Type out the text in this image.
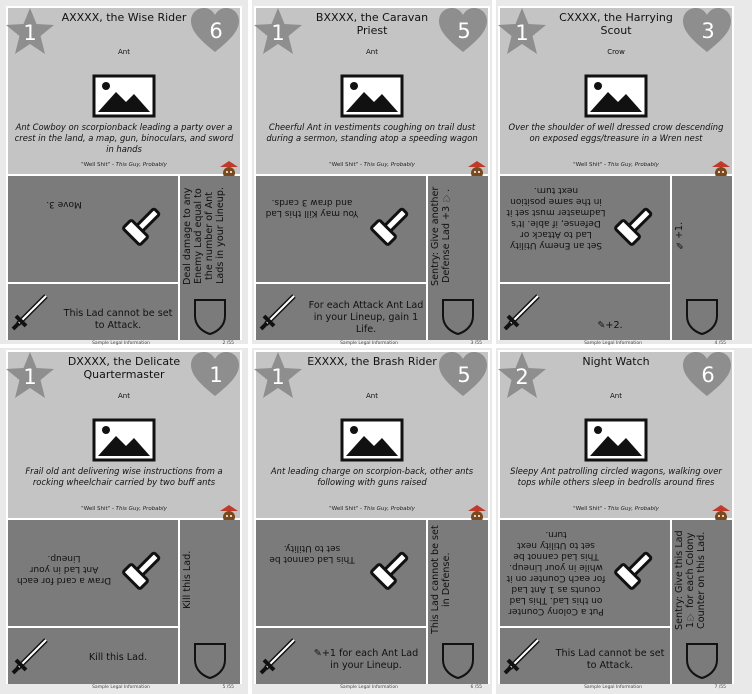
1	6
AXXXX, the Wise Rider
Ant
Ant Cowboy on scorpionback leading a party over a crest in the land, a map, gun, binoculars, and sword in hands
"Well Shit" - This Guy, Probably
Move 3.
This Lad cannot be set to Attack.
Deal damage to any Enemy Lad equal to the number of Ant Lads in your Lineup.
Sample Legal Information	2 /55
1	5
BXXXX, the Caravan Priest
Ant
Cheerful Ant in vestiments coughing on trail dust during a sermon, standing atop a speeding wagon
"Well Shit" - This Guy, Probably
You may Kill this Lad and draw 3 cards.
For each Attack Ant Lad in your Lineup, gain 1 Life.
Sentry: Give another Defense Lad +3 ♡.
Sample Legal Information	3 /55
1	3
CXXXX, the Harrying Scout
Crow
Over the shoulder of well dressed crow descending on exposed eggs/treasure in a Wren nest
"Well Shit" - This Guy, Probably
Set an Enemy Utility Lad to Attack or Defense, if able. It's Ladmaster must set it in the same position next turn.
✎+2.
✎+1.
Sample Legal Information	4 /55
1	1
DXXXX, the Delicate Quartermaster
Ant
Frail old ant delivering wise instructions from a rocking wheelchair carried by two buff ants
"Well Shit" - This Guy, Probably
Draw a card for each Ant Lad in your Lineup.
Kill this Lad.
Kill this Lad.
Sample Legal Information	5 /55
1	5
EXXXX, the Brash Rider
Ant
Ant leading charge on scorpion-back, other ants following with guns raised
"Well Shit" - This Guy, Probably
This Lad cannot be set to Utility.
✎+1 for each Ant Lad in your Lineup.
This Lad cannot be set in Defense.
Sample Legal Information	6 /55
2	6
Night Watch
Ant
Sleepy Ant patrolling circled wagons, walking over tops while others sleep in bedrolls around fires
"Well Shit" - This Guy, Probably
Put a Colony Counter on this Lad. This Lad counts as 1 Ant Lad for each Counter on it while in your Lineup. This Lad cannot be set to Utility next turn.
This Lad cannot be set to Attack.
Sentry: Give this Lad 1♡ for each Colony Counter on this Lad.
Sample Legal Information	7 /55
